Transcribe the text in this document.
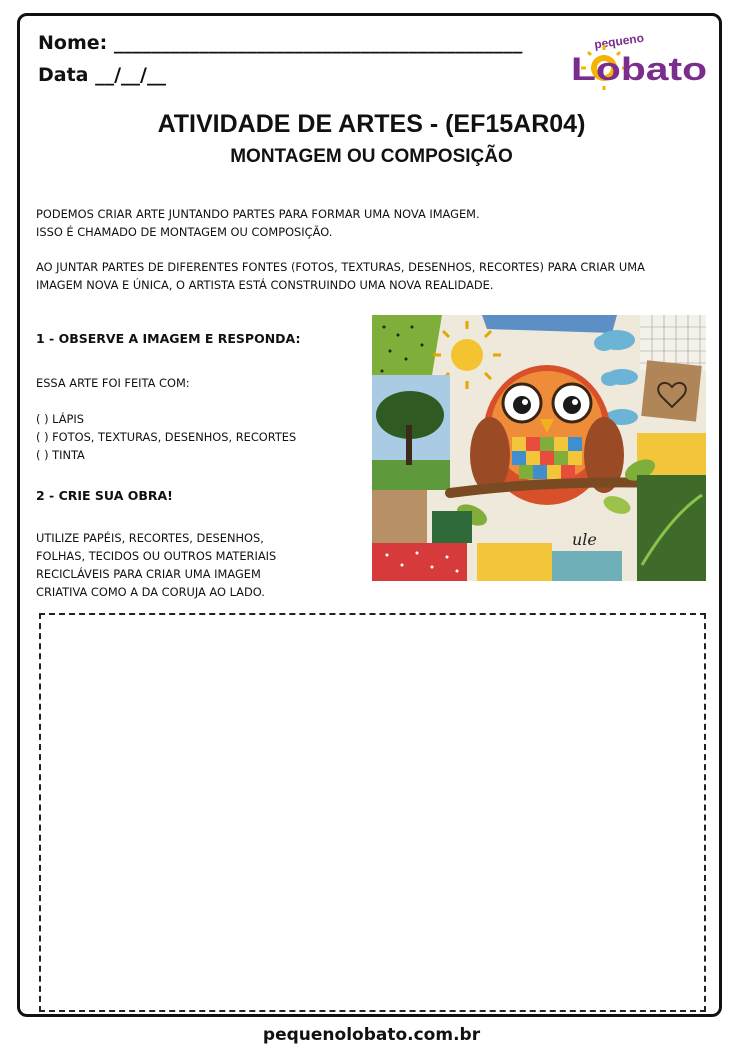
Nome: ___________________________________________
Data __/__/__
pequeno
Lobato
ATIVIDADE DE ARTES - (EF15AR04)
MONTAGEM OU COMPOSIÇÃO
PODEMOS CRIAR ARTE JUNTANDO PARTES PARA FORMAR UMA NOVA IMAGEM.
ISSO É CHAMADO DE MONTAGEM OU COMPOSIÇÃO.
AO JUNTAR PARTES DE DIFERENTES FONTES (FOTOS, TEXTURAS, DESENHOS, RECORTES) PARA CRIAR UMA
IMAGEM NOVA E ÚNICA, O ARTISTA ESTÁ CONSTRUINDO UMA NOVA REALIDADE.
1 - OBSERVE A IMAGEM E RESPONDA:
ESSA ARTE FOI FEITA COM:
( ) LÁPIS
( ) FOTOS, TEXTURAS, DESENHOS, RECORTES
( ) TINTA
2 - CRIE SUA OBRA!
UTILIZE PAPÉIS, RECORTES, DESENHOS,
FOLHAS, TECIDOS OU OUTROS MATERIAIS
RECICLÁVEIS PARA CRIAR UMA IMAGEM
CRIATIVA COMO A DA CORUJA AO LADO.
ule
pequenolobato.com.br
